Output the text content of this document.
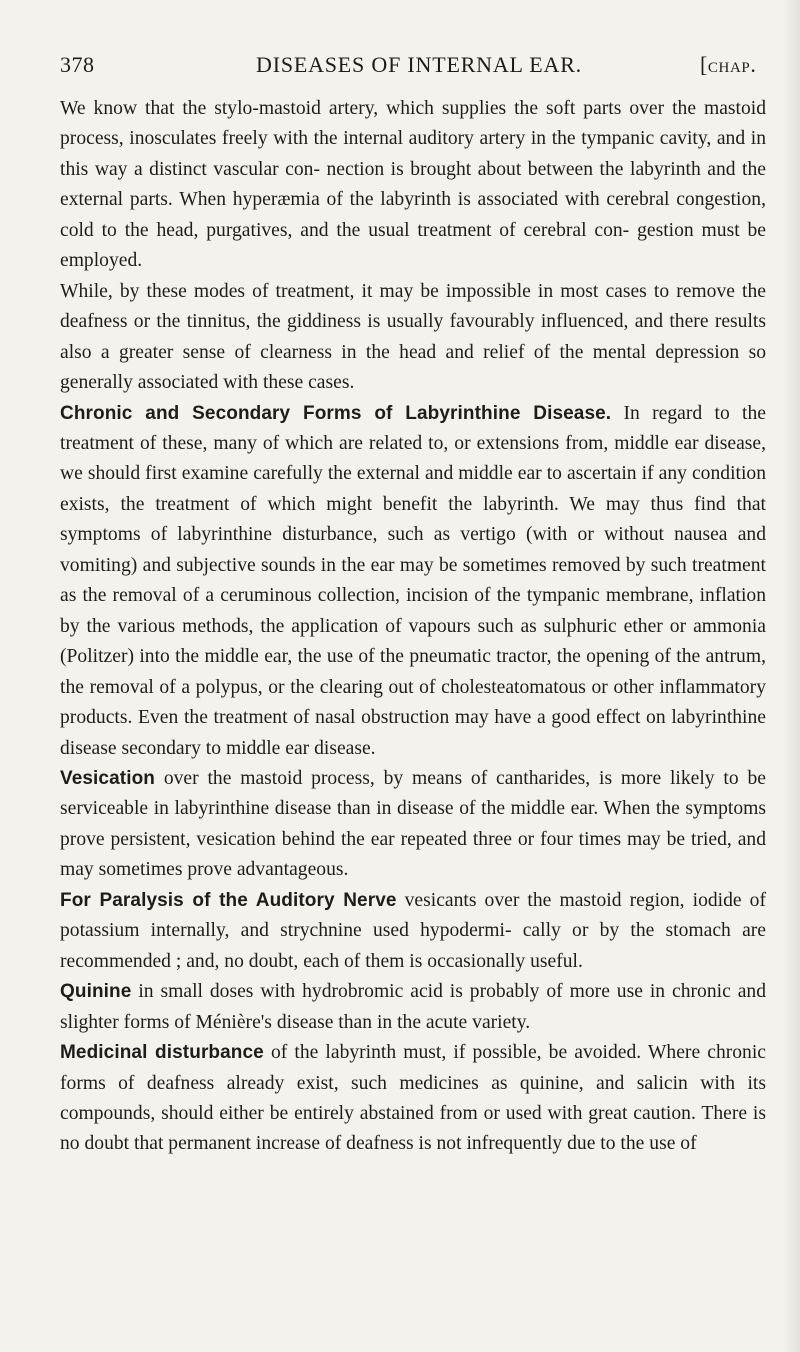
378	DISEASES OF INTERNAL EAR.	[chap.

We know that the stylo-mastoid artery, which supplies the soft parts over the mastoid process, inosculates freely with the internal auditory artery in the tympanic cavity, and in this way a distinct vascular con- nection is brought about between the labyrinth and the external parts. When hyperæmia of the labyrinth is associated with cerebral congestion, cold to the head, purgatives, and the usual treatment of cerebral con- gestion must be employed.

While, by these modes of treatment, it may be impossible in most cases to remove the deafness or the tinnitus, the giddiness is usually favourably influenced, and there results also a greater sense of clearness in the head and relief of the mental depression so generally associated with these cases.

Chronic and Secondary Forms of Labyrinthine Disease. In regard to the treatment of these, many of which are related to, or extensions from, middle ear disease, we should first examine carefully the external and middle ear to ascertain if any condition exists, the treatment of which might benefit the labyrinth. We may thus find that symptoms of labyrinthine disturbance, such as vertigo (with or without nausea and vomiting) and subjective sounds in the ear may be sometimes removed by such treatment as the removal of a ceruminous collection, incision of the tympanic membrane, inflation by the various methods, the application of vapours such as sulphuric ether or ammonia (Politzer) into the middle ear, the use of the pneumatic tractor, the opening of the antrum, the removal of a polypus, or the clearing out of cholesteatomatous or other inflammatory products. Even the treatment of nasal obstruction may have a good effect on labyrinthine disease secondary to middle ear disease.

Vesication over the mastoid process, by means of cantharides, is more likely to be serviceable in labyrinthine disease than in disease of the middle ear. When the symptoms prove persistent, vesication behind the ear repeated three or four times may be tried, and may sometimes prove advantageous.

For Paralysis of the Auditory Nerve vesicants over the mastoid region, iodide of potassium internally, and strychnine used hypodermi- cally or by the stomach are recommended ; and, no doubt, each of them is occasionally useful.

Quinine in small doses with hydrobromic acid is probably of more use in chronic and slighter forms of Ménière's disease than in the acute variety.

Medicinal disturbance of the labyrinth must, if possible, be avoided. Where chronic forms of deafness already exist, such medicines as quinine, and salicin with its compounds, should either be entirely abstained from or used with great caution. There is no doubt that permanent increase of deafness is not infrequently due to the use of
